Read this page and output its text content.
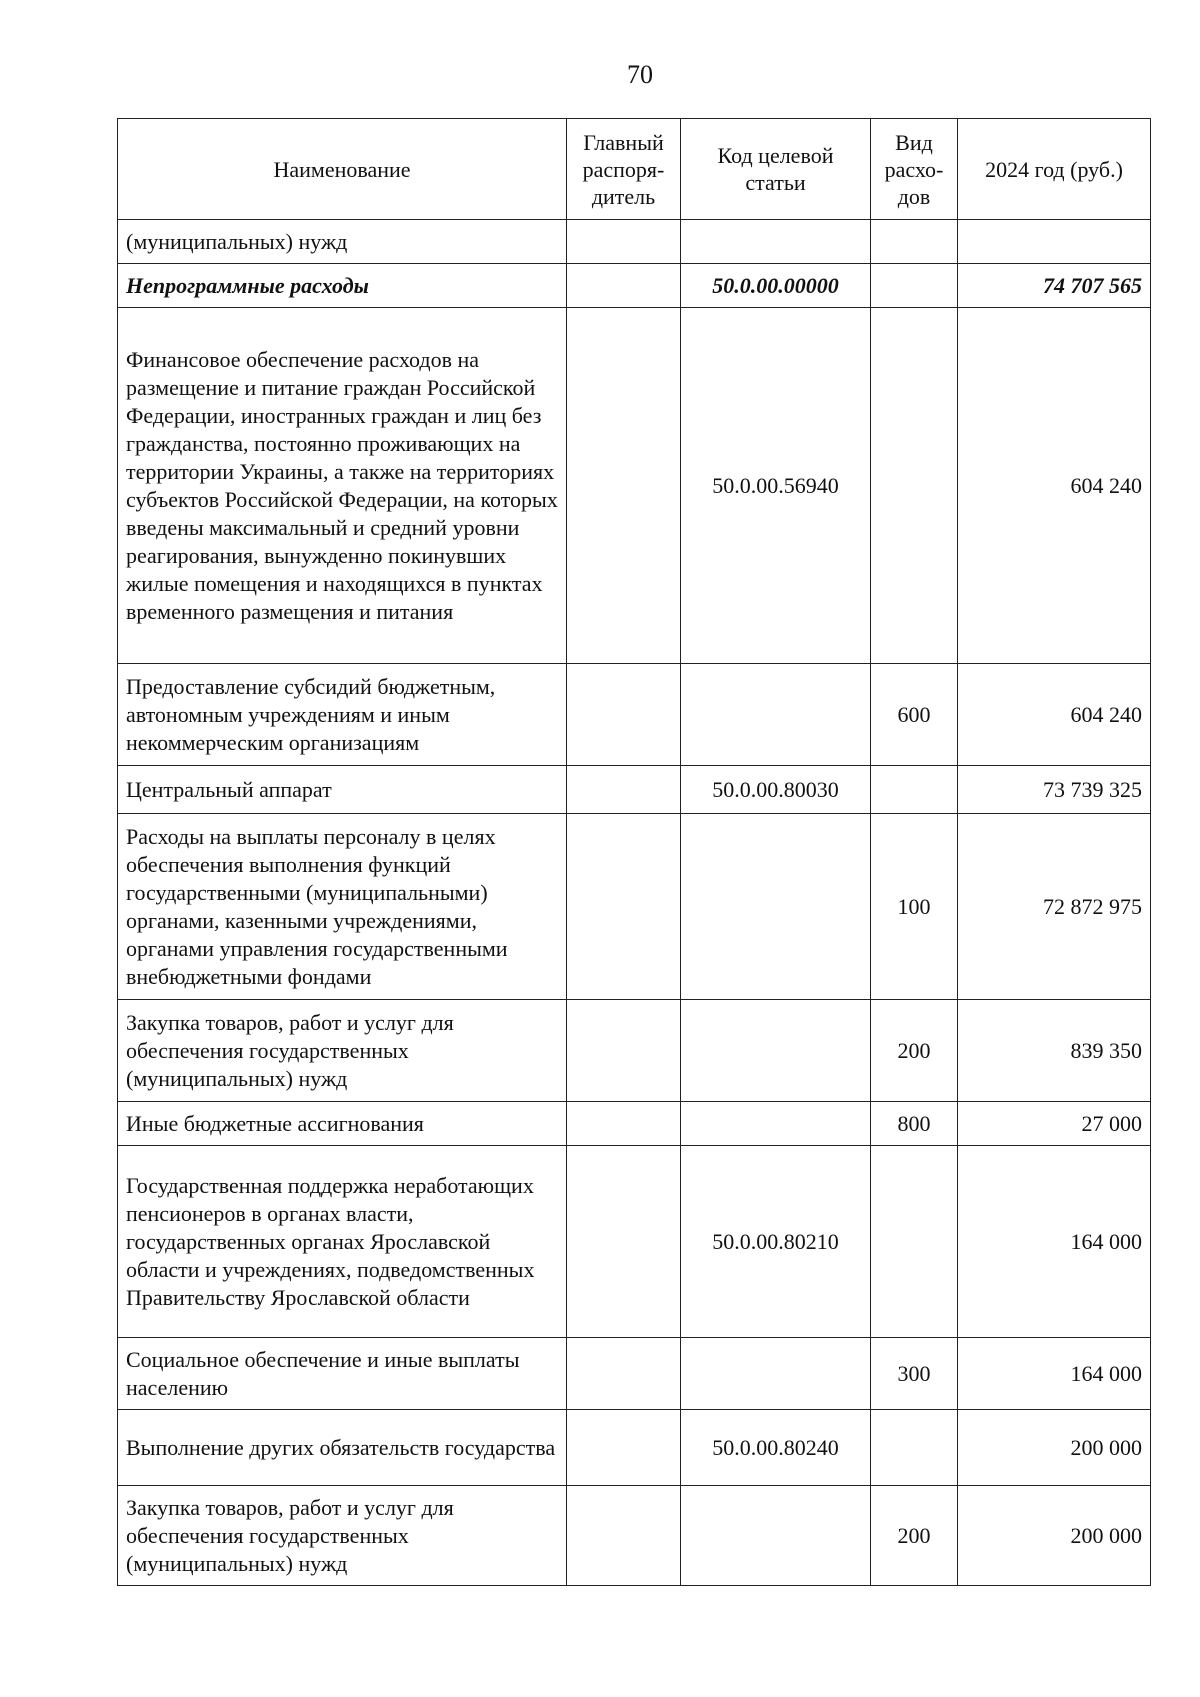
70
Наименование	Главный распоря-дитель	Код целевой статьи	Вид расхо-дов	2024 год (руб.)
(муниципальных) нужд				
Непрограммные расходы		50.0.00.00000		74 707 565
Финансовое обеспечение расходов на размещение и питание граждан Российской Федерации, иностранных граждан и лиц без гражданства, постоянно проживающих на территории Украины, а также на территориях субъектов Российской Федерации, на которых введены максимальный и средний уровни реагирования, вынужденно покинувших жилые помещения и находящихся в пунктах временного размещения и питания		50.0.00.56940		604 240
Предоставление субсидий бюджетным, автономным учреждениям и иным некоммерческим организациям			600	604 240
Центральный аппарат		50.0.00.80030		73 739 325
Расходы на выплаты персоналу в целях обеспечения выполнения функций государственными (муниципальными) органами, казенными учреждениями, органами управления государственными внебюджетными фондами			100	72 872 975
Закупка товаров, работ и услуг для обеспечения государственных (муниципальных) нужд			200	839 350
Иные бюджетные ассигнования			800	27 000
Государственная поддержка неработающих пенсионеров в органах власти, государственных органах Ярославской области и учреждениях, подведомственных Правительству Ярославской области		50.0.00.80210		164 000
Социальное обеспечение и иные выплаты населению			300	164 000
Выполнение других обязательств государства		50.0.00.80240		200 000
Закупка товаров, работ и услуг для обеспечения государственных (муниципальных) нужд			200	200 000
